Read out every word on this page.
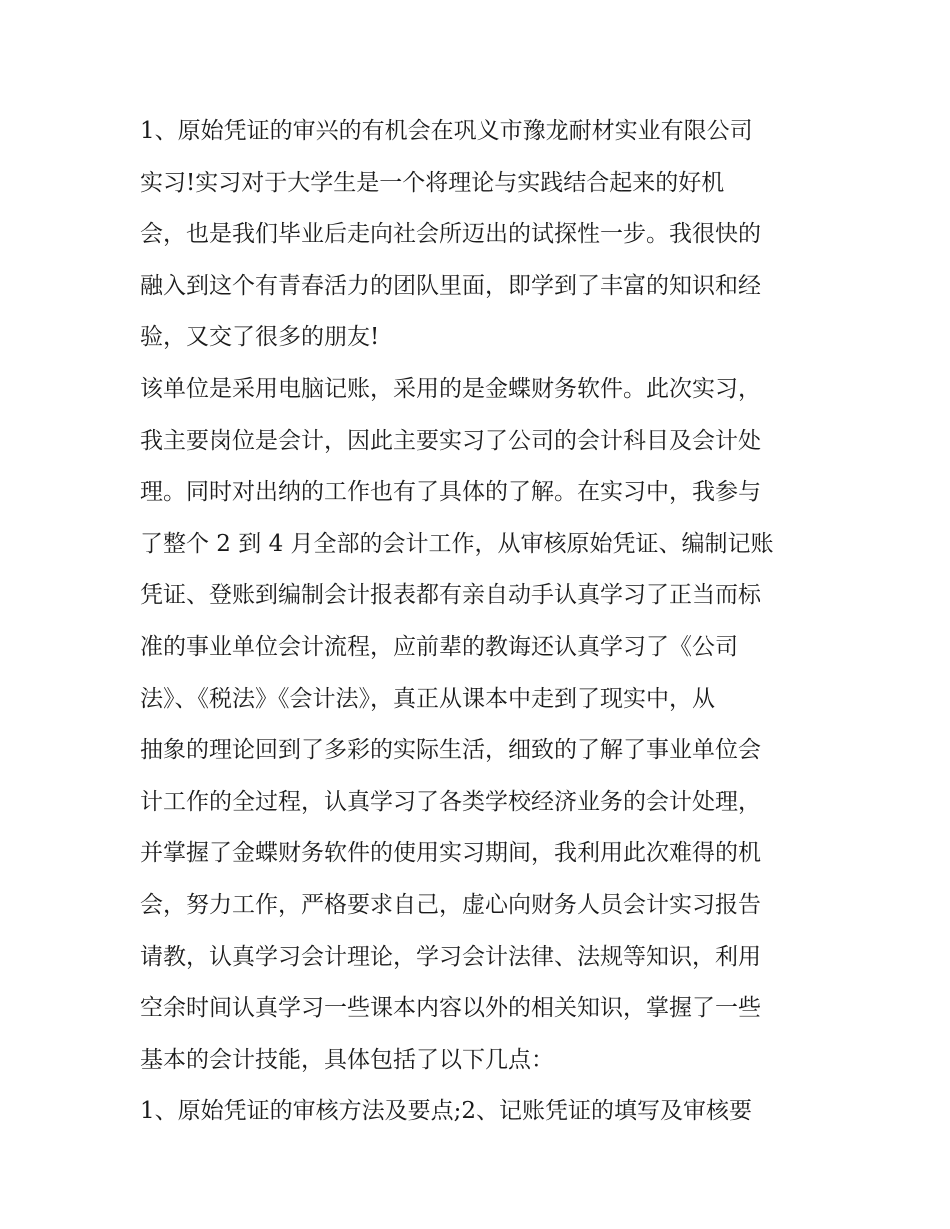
1、原始凭证的审兴的有机会在巩义市豫龙耐材实业有限公司
实习!实习对于大学生是一个将理论与实践结合起来的好机
会，也是我们毕业后走向社会所迈出的试探性一步。我很快的
融入到这个有青春活力的团队里面，即学到了丰富的知识和经
验，又交了很多的朋友!
该单位是采用电脑记账，采用的是金蝶财务软件。此次实习，
我主要岗位是会计，因此主要实习了公司的会计科目及会计处
理。同时对出纳的工作也有了具体的了解。在实习中，我参与
了整个 2 到 4 月全部的会计工作，从审核原始凭证、编制记账
凭证、登账到编制会计报表都有亲自动手认真学习了正当而标
准的事业单位会计流程，应前辈的教诲还认真学习了《公司
法》、《税法》《会计法》，真正从课本中走到了现实中，从
抽象的理论回到了多彩的实际生活，细致的了解了事业单位会
计工作的全过程，认真学习了各类学校经济业务的会计处理，
并掌握了金蝶财务软件的使用实习期间，我利用此次难得的机
会，努力工作，严格要求自己，虚心向财务人员会计实习报告
请教，认真学习会计理论，学习会计法律、法规等知识，利用
空余时间认真学习一些课本内容以外的相关知识，掌握了一些
基本的会计技能，具体包括了以下几点：
1、原始凭证的审核方法及要点;2、记账凭证的填写及审核要
